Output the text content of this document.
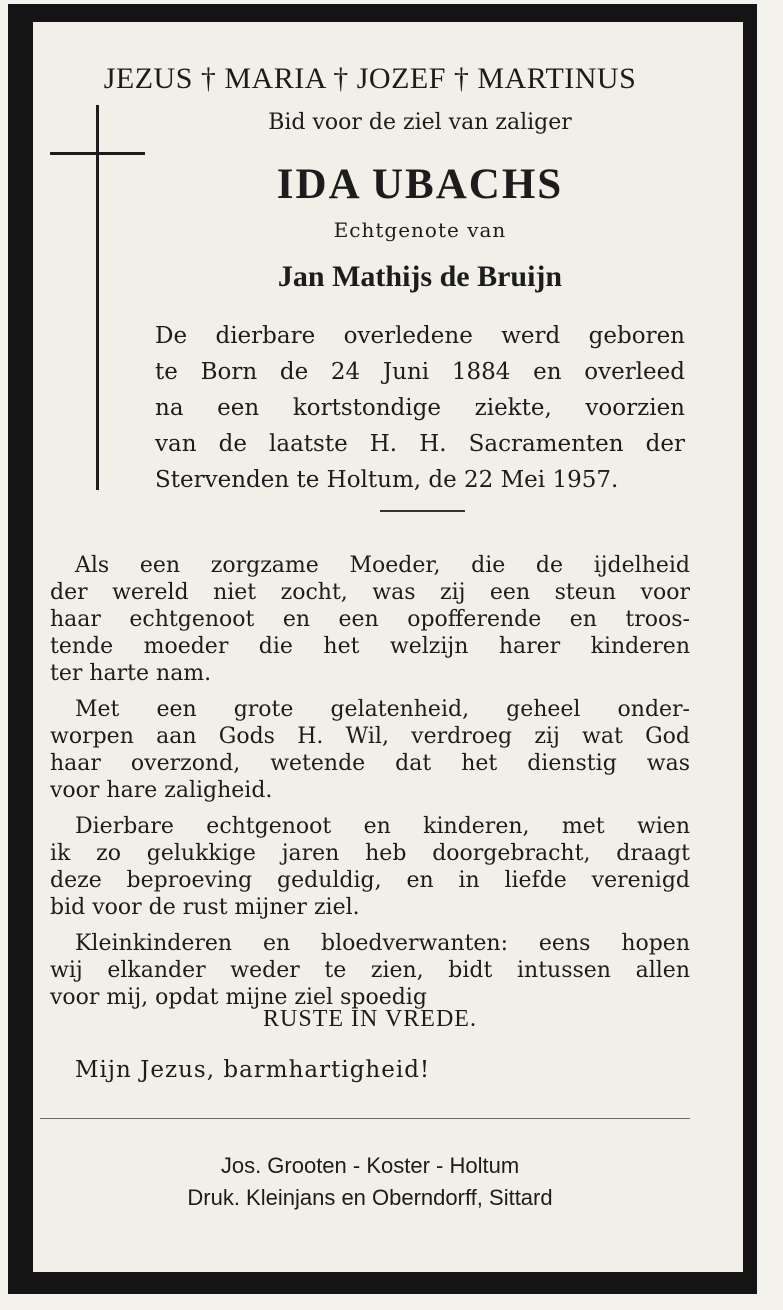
JEZUS † MARIA † JOZEF † MARTINUS
Bid voor de ziel van zaliger
IDA UBACHS
Echtgenote van
Jan Mathijs de Bruijn
De dierbare overledene werd geboren
te Born de 24 Juni 1884 en overleed
na een kortstondige ziekte, voorzien
van de laatste H. H. Sacramenten der
Stervenden te Holtum, de 22 Mei 1957.
Als een zorgzame Moeder, die de ijdelheid
der wereld niet zocht, was zij een steun voor
haar echtgenoot en een opofferende en troos-
tende moeder die het welzijn harer kinderen
ter harte nam.
Met een grote gelatenheid, geheel onder-
worpen aan Gods H. Wil, verdroeg zij wat God
haar overzond, wetende dat het dienstig was
voor hare zaligheid.
Dierbare echtgenoot en kinderen, met wien
ik zo gelukkige jaren heb doorgebracht, draagt
deze beproeving geduldig, en in liefde verenigd
bid voor de rust mijner ziel.
Kleinkinderen en bloedverwanten: eens hopen
wij elkander weder te zien, bidt intussen allen
voor mij, opdat mijne ziel spoedig
RUSTE IN VREDE.
Mijn Jezus, barmhartigheid!
Jos. Grooten - Koster - Holtum
Druk. Kleinjans en Oberndorff, Sittard
